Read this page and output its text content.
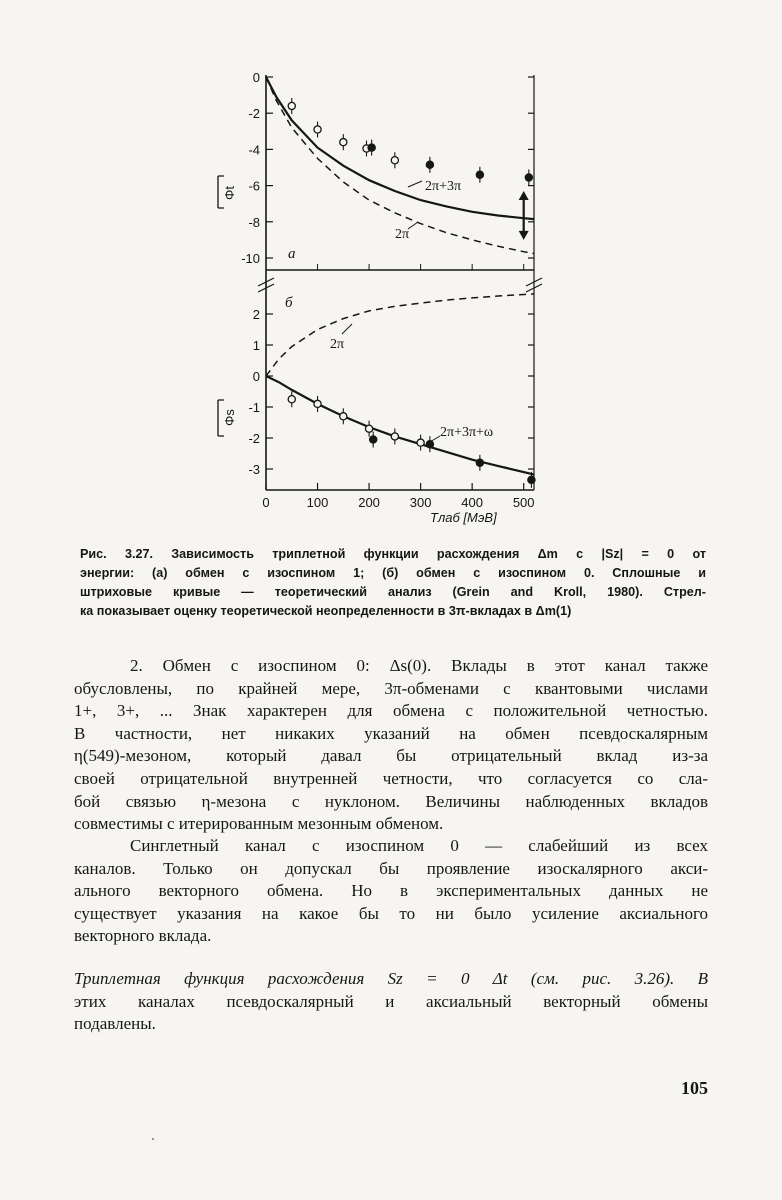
0
-2
-4
-6
-8
-10
2
1
0
-1
-2
-3
0	100 200 300 400 500
2π+3π
2π
а
б
2π
2π+3π+ω
Φt
Φs
Tлаб [МэВ]
Рис. 3.27. Зависимость триплетной функции расхождения Δm с |Sz| = 0 от
энергии: (а) обмен с изоспином 1; (б) обмен с изоспином 0. Сплошные и
штриховые кривые — теоретический анализ (Grein and Kroll, 1980). Стрел-
ка показывает оценку теоретической неопределенности в 3π-вкладах в Δm(1)
2. Обмен с изоспином 0: Δs(0). Вклады в этот канал также
обусловлены, по крайней мере, 3π-обменами с квантовыми числами
1+, 3+, ... Знак характерен для обмена с положительной четностью.
В частности, нет никаких указаний на обмен псевдоскалярным
η(549)-мезоном, который давал бы отрицательный вклад из-за
своей отрицательной внутренней четности, что согласуется со сла-
бой связью η-мезона с нуклоном. Величины наблюденных вкладов
совместимы с итерированным мезонным обменом.
Синглетный канал с изоспином 0 — слабейший из всех
каналов. Только он допускал бы проявление изоскалярного акси-
ального векторного обмена. Но в экспериментальных данных не
существует указания на какое бы то ни было усиление аксиального
векторного вклада.
Триплетная функция расхождения Sz = 0 Δt (см. рис. 3.26). В
этих каналах псевдоскалярный и аксиальный векторный обмены
подавлены.
105
